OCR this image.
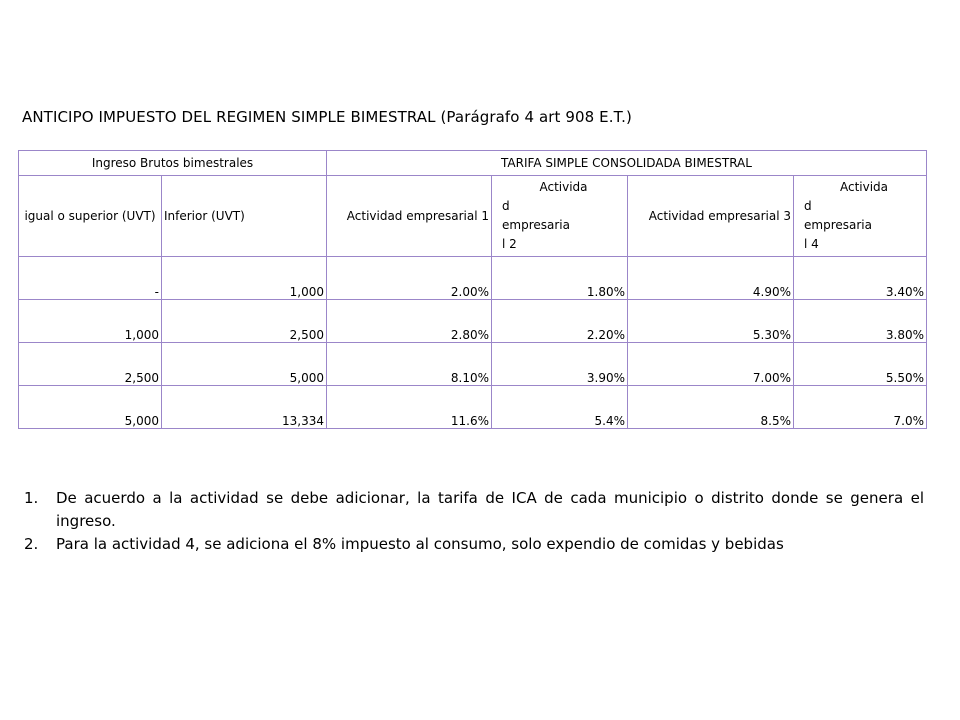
ANTICIPO IMPUESTO DEL REGIMEN SIMPLE BIMESTRAL (Parágrafo 4 art 908 E.T.)
Ingreso Brutos bimestrales		TARIFA SIMPLE CONSOLIDADA BIMESTRAL			
igual o superior (UVT)	Inferior (UVT)	Actividad empresarial 1	Activida
d
empresaria
l 2	Actividad empresarial 3	Activida
d
empresaria
l 4

-	1,000	2.00%	1.80%	4.90%	3.40%
1,000	2,500	2.80%	2.20%	5.30%	3.80%
2,500	5,000	8.10%	3.90%	7.00%	5.50%
5,000	13,334	11.6%	5.4%	8.5%	7.0%
1.	De acuerdo a la actividad se debe adicionar, la tarifa de ICA de cada municipio o distrito donde se genera el ingreso.
2.	Para la actividad 4, se adiciona el 8% impuesto al consumo, solo expendio de comidas y bebidas
